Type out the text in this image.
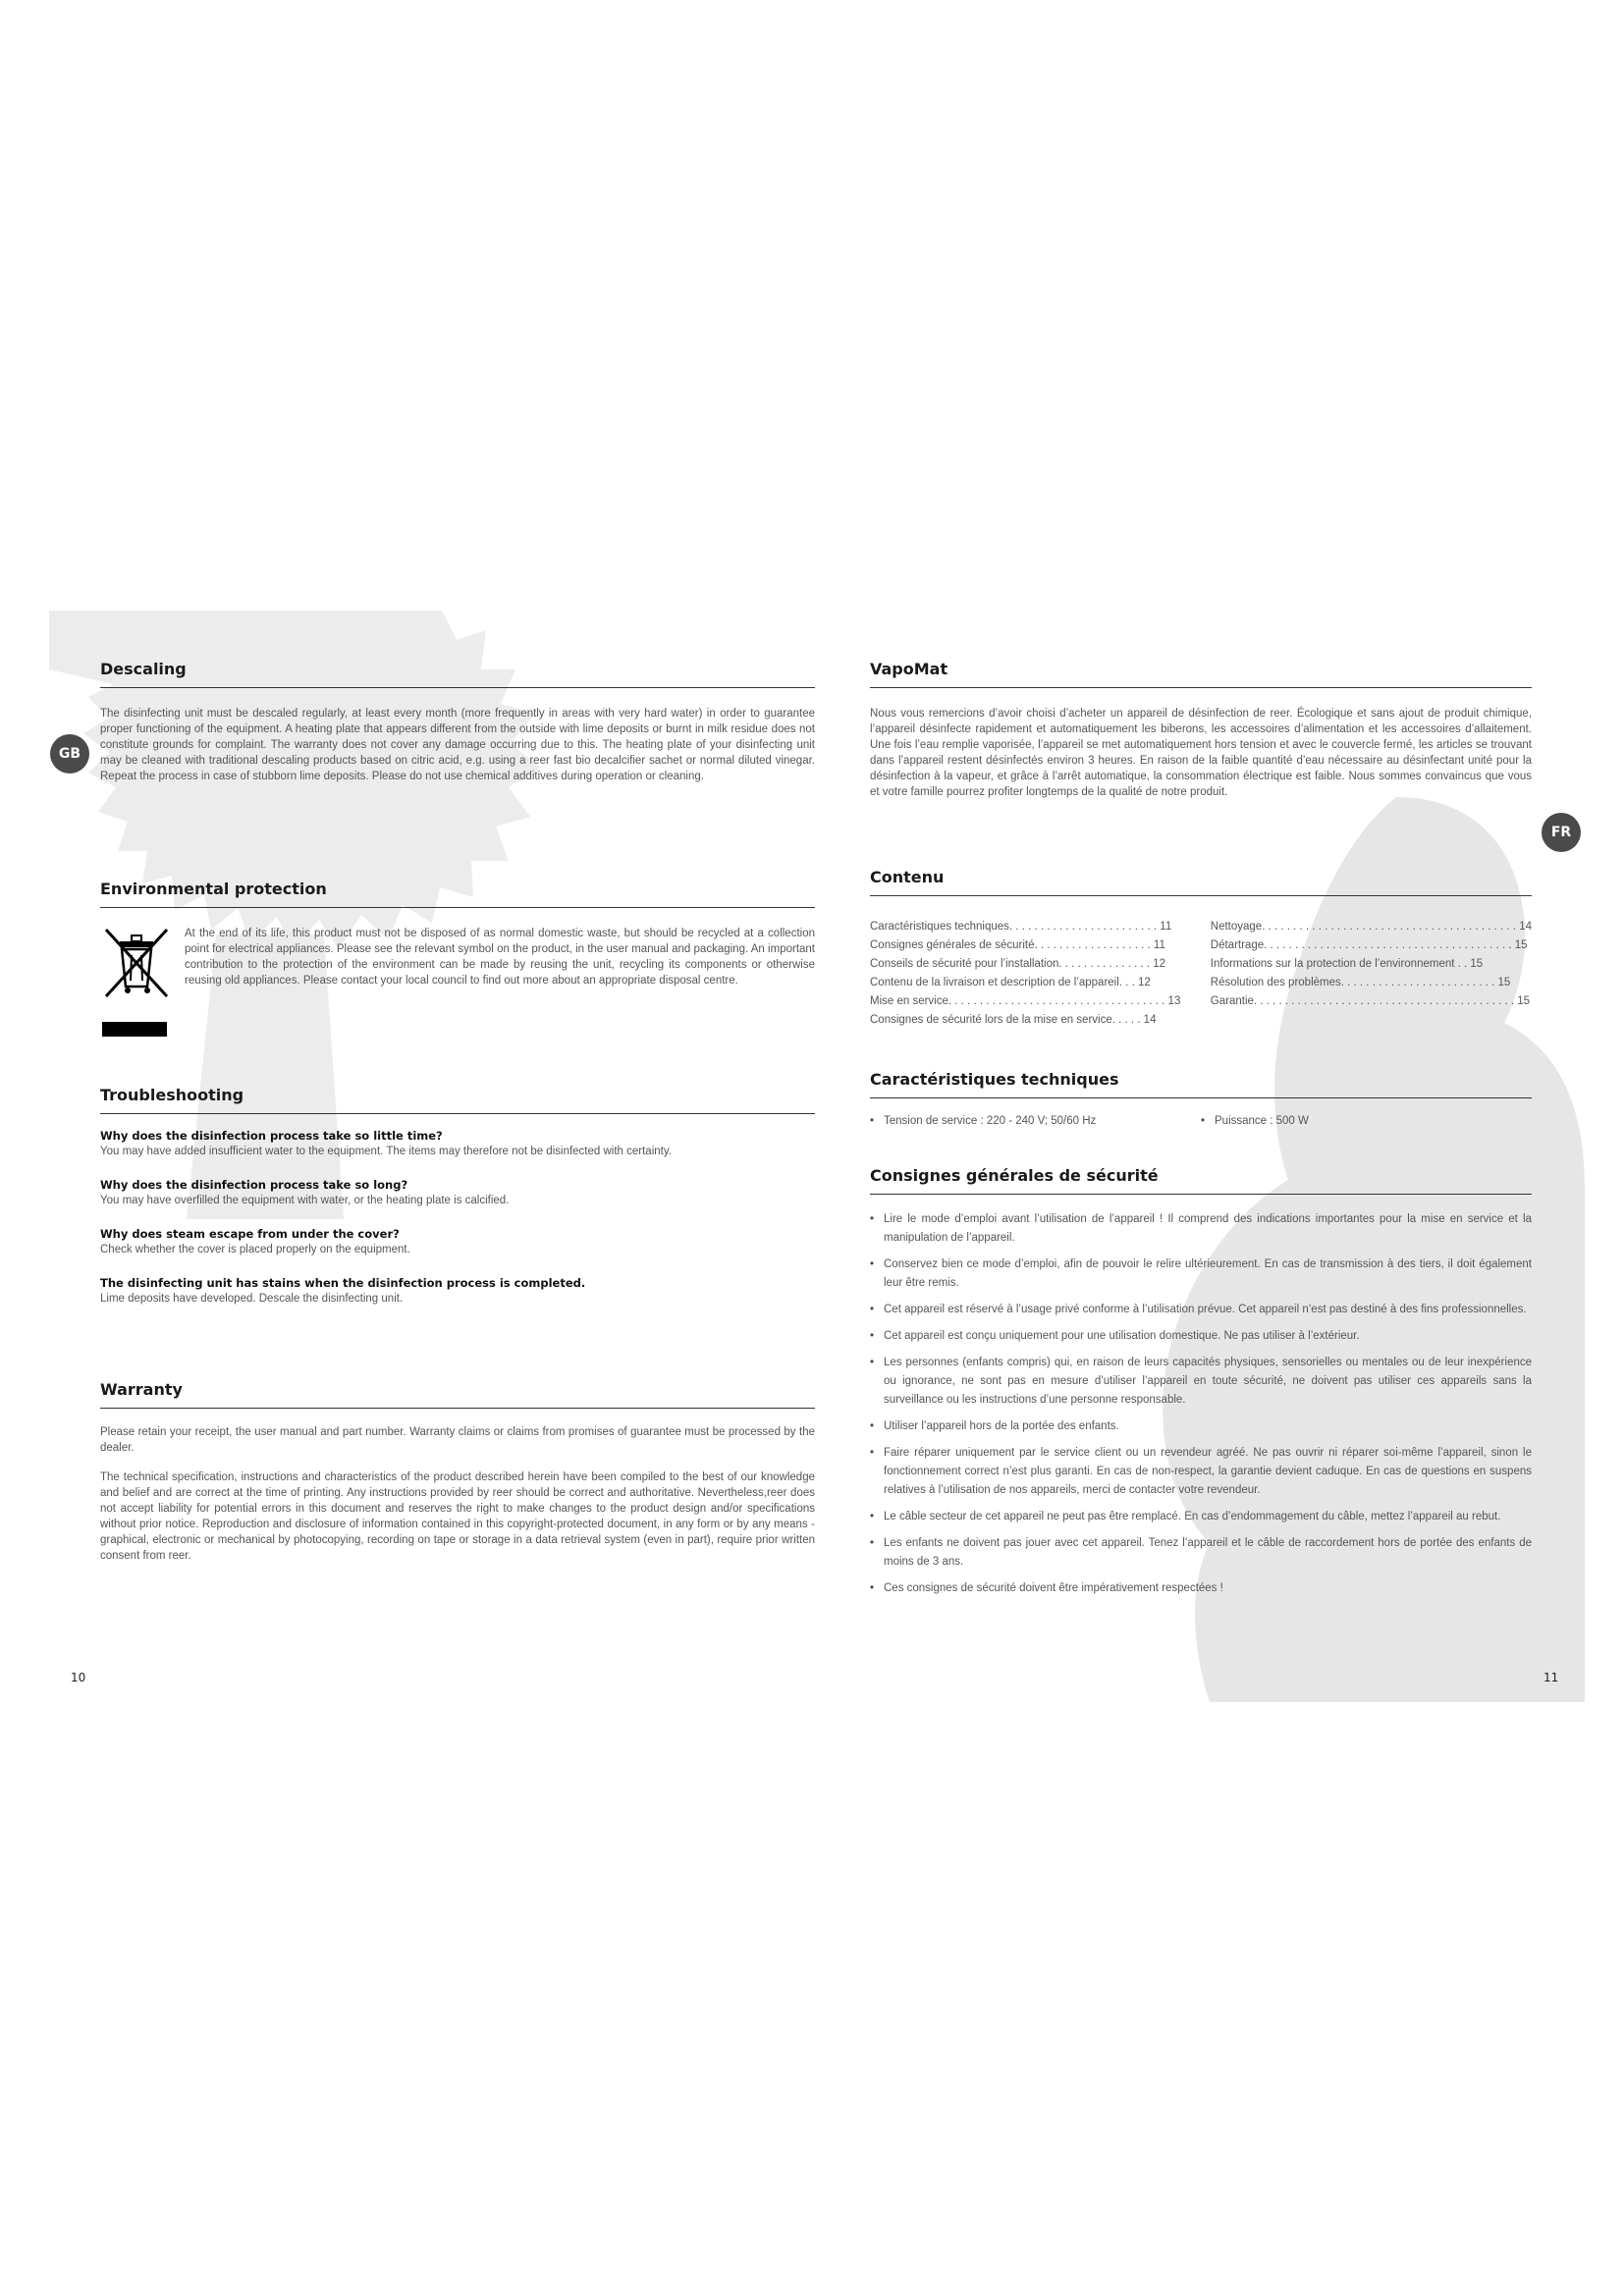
Descaling

The disinfecting unit must be descaled regularly, at least every month (more frequently in areas with very hard water) in order to guarantee proper functioning of the equipment. A heating plate that appears different from the outside with lime deposits or burnt in milk residue does not constitute grounds for complaint. The warranty does not cover any damage occurring due to this. The heating plate of your disinfecting unit may be cleaned with traditional descaling products based on citric acid, e.g. using a reer fast bio decalcifier sachet or normal diluted vinegar. Repeat the process in case of stubborn lime deposits. Please do not use chemical additives during operation or cleaning.

Environmental protection

At the end of its life, this product must not be disposed of as normal domestic waste, but should be recycled at a collection point for electrical appliances. Please see the relevant symbol on the product, in the user manual and packaging. An important contribution to the protection of the environment can be made by reusing the unit, recycling its components or otherwise reusing old appliances. Please contact your local council to find out more about an appropriate disposal centre.

Troubleshooting

Why does the disinfection process take so little time?

You may have added insufficient water to the equipment. The items may therefore not be disinfected with certainty.

Why does the disinfection process take so long?

You may have overfilled the equipment with water, or the heating plate is calcified.

Why does steam escape from under the cover?

Check whether the cover is placed properly on the equipment.

The disinfecting unit has stains when the disinfection process is completed.

Lime deposits have developed. Descale the disinfecting unit.

Warranty

Please retain your receipt, the user manual and part number. Warranty claims or claims from promises of guarantee must be processed by the dealer.

The technical specification, instructions and characteristics of the product described herein have been compiled to the best of our knowledge and belief and are correct at the time of printing. Any instructions provided by reer should be correct and authoritative. Nevertheless,reer does not accept liability for potential errors in this document and reserves the right to make changes to the product design and/or specifications without prior notice. Reproduction and disclosure of information contained in this copyright-protected document, in any form or by any means - graphical, electronic or mechanical by photocopying, recording on tape or storage in a data retrieval system (even in part), require prior written consent from reer.

GB
10
VapoMat

Nous vous remercions d’avoir choisi d’acheter un appareil de désinfection de reer. Écologique et sans ajout de produit chimique, l’appareil désinfecte rapidement et automatiquement les biberons, les accessoires d’alimentation et les accessoires d’allaitement. Une fois l’eau remplie vaporisée, l’appareil se met automatiquement hors tension et avec le couvercle fermé, les articles se trouvant dans l’appareil restent désinfectés environ 3 heures. En raison de la faible quantité d’eau nécessaire au désinfectant unité pour la désinfection à la vapeur, et grâce à l’arrêt automatique, la consommation électrique est faible. Nous sommes convaincus que vous et votre famille pourrez profiter longtemps de la qualité de notre produit.

Contenu
Caractéristiques techniques. . . . . . . . . . . . . . . . . . . . . . . . 11
Consignes générales de sécurité. . . . . . . . . . . . . . . . . . . 11
Conseils de sécurité pour l’installation. . . . . . . . . . . . . . . 12
Contenu de la livraison et description de l’appareil. . . 12
Mise en service. . . . . . . . . . . . . . . . . . . . . . . . . . . . . . . . . . . 13
Consignes de sécurité lors de la mise en service. . . . . 14
Nettoyage. . . . . . . . . . . . . . . . . . . . . . . . . . . . . . . . . . . . . . . . . 14
Détartrage. . . . . . . . . . . . . . . . . . . . . . . . . . . . . . . . . . . . . . . . 15
Informations sur la protection de l’environnement . . 15
Résolution des problèmes. . . . . . . . . . . . . . . . . . . . . . . . . 15
Garantie. . . . . . . . . . . . . . . . . . . . . . . . . . . . . . . . . . . . . . . . . . 15
Caractéristiques techniques
• Tension de service : 220 - 240 V; 50/60 Hz	• Puissance : 500 W
Consignes générales de sécurité
• Lire le mode d’emploi avant l’utilisation de l’appareil ! Il comprend des indications importantes pour la mise en service et la manipulation de l’appareil.
• Conservez bien ce mode d’emploi, afin de pouvoir le relire ultérieurement. En cas de transmission à des tiers, il doit également leur être remis.
• Cet appareil est réservé à l’usage privé conforme à l’utilisation prévue. Cet appareil n’est pas destiné à des fins professionnelles.
• Cet appareil est conçu uniquement pour une utilisation domestique. Ne pas utiliser à l’extérieur.
• Les personnes (enfants compris) qui, en raison de leurs capacités physiques, sensorielles ou mentales ou de leur inexpérience ou ignorance, ne sont pas en mesure d’utiliser l’appareil en toute sécurité, ne doivent pas utiliser ces appareils sans la surveillance ou les instructions d’une personne responsable.
• Utiliser l’appareil hors de la portée des enfants.
• Faire réparer uniquement par le service client ou un revendeur agréé. Ne pas ouvrir ni réparer soi-même l’appareil, sinon le fonctionnement correct n’est plus garanti. En cas de non-respect, la garantie devient caduque. En cas de questions en suspens relatives à l’utilisation de nos appareils, merci de contacter votre revendeur.
• Le câble secteur de cet appareil ne peut pas être remplacé. En cas d’endommagement du câble, mettez l’appareil au rebut.
• Les enfants ne doivent pas jouer avec cet appareil. Tenez l’appareil et le câble de raccordement hors de portée des enfants de moins de 3 ans.
• Ces consignes de sécurité doivent être impérativement respectées !
FR
11
